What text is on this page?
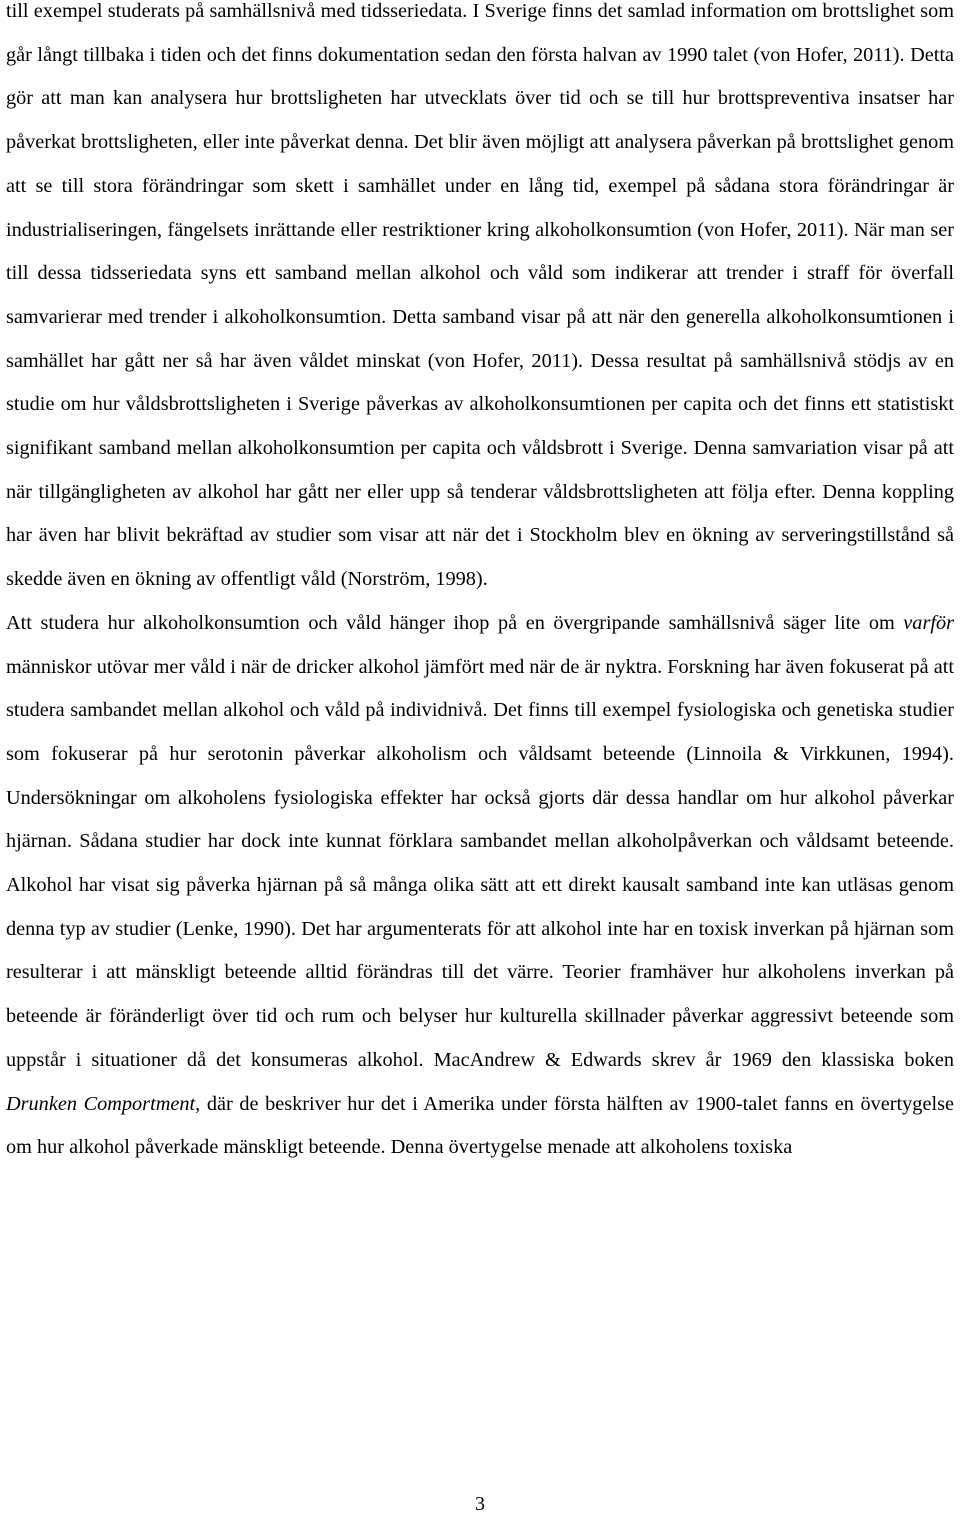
till exempel studerats på samhällsnivå med tidsseriedata. I Sverige finns det samlad information om brottslighet som går långt tillbaka i tiden och det finns dokumentation sedan den första halvan av 1990 talet (von Hofer, 2011). Detta gör att man kan analysera hur brottsligheten har utvecklats över tid och se till hur brottspreventiva insatser har påverkat brottsligheten, eller inte påverkat denna. Det blir även möjligt att analysera påverkan på brottslighet genom att se till stora förändringar som skett i samhället under en lång tid, exempel på sådana stora förändringar är industrialiseringen, fängelsets inrättande eller restriktioner kring alkoholkonsumtion (von Hofer, 2011). När man ser till dessa tidsseriedata syns ett samband mellan alkohol och våld som indikerar att trender i straff för överfall samvarierar med trender i alkoholkonsumtion. Detta samband visar på att när den generella alkoholkonsumtionen i samhället har gått ner så har även våldet minskat (von Hofer, 2011). Dessa resultat på samhällsnivå stödjs av en studie om hur våldsbrottsligheten i Sverige påverkas av alkoholkonsumtionen per capita och det finns ett statistiskt signifikant samband mellan alkoholkonsumtion per capita och våldsbrott i Sverige. Denna samvariation visar på att när tillgängligheten av alkohol har gått ner eller upp så tenderar våldsbrottsligheten att följa efter. Denna koppling har även har blivit bekräftad av studier som visar att när det i Stockholm blev en ökning av serveringstillstånd så skedde även en ökning av offentligt våld (Norström, 1998).

Att studera hur alkoholkonsumtion och våld hänger ihop på en övergripande samhällsnivå säger lite om varför människor utövar mer våld i när de dricker alkohol jämfört med när de är nyktra. Forskning har även fokuserat på att studera sambandet mellan alkohol och våld på individnivå. Det finns till exempel fysiologiska och genetiska studier som fokuserar på hur serotonin påverkar alkoholism och våldsamt beteende (Linnoila & Virkkunen, 1994). Undersökningar om alkoholens fysiologiska effekter har också gjorts där dessa handlar om hur alkohol påverkar hjärnan. Sådana studier har dock inte kunnat förklara sambandet mellan alkoholpåverkan och våldsamt beteende. Alkohol har visat sig påverka hjärnan på så många olika sätt att ett direkt kausalt samband inte kan utläsas genom denna typ av studier (Lenke, 1990). Det har argumenterats för att alkohol inte har en toxisk inverkan på hjärnan som resulterar i att mänskligt beteende alltid förändras till det värre. Teorier framhäver hur alkoholens inverkan på beteende är föränderligt över tid och rum och belyser hur kulturella skillnader påverkar aggressivt beteende som uppstår i situationer då det konsumeras alkohol. MacAndrew & Edwards skrev år 1969 den klassiska boken Drunken Comportment, där de beskriver hur det i Amerika under första hälften av 1900-talet fanns en övertygelse om hur alkohol påverkade mänskligt beteende. Denna övertygelse menade att alkoholens toxiska

3
